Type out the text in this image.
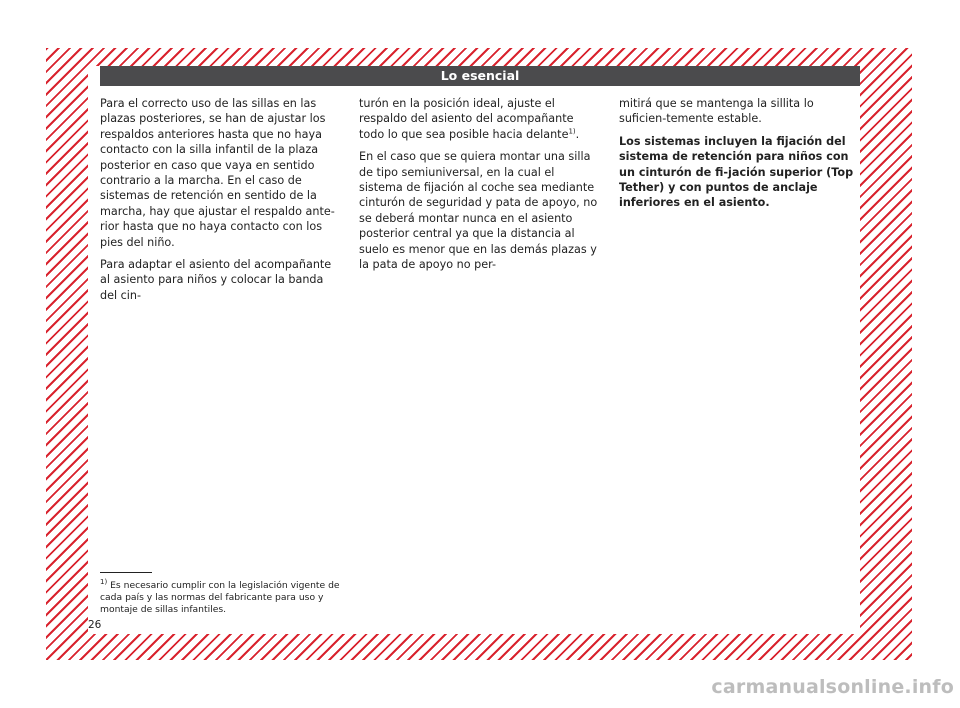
Lo esencial

Para el correcto uso de las sillas en las plazas posteriores, se han de ajustar los respaldos anteriores hasta que no haya contacto con la silla infantil de la plaza posterior en caso que vaya en sentido contrario a la marcha. En el caso de sistemas de retención en sentido de la marcha, hay que ajustar el respaldo ante-rior hasta que no haya contacto con los pies del niño.

Para adaptar el asiento del acompañante al asiento para niños y colocar la banda del cin-

turón en la posición ideal, ajuste el respaldo del asiento del acompañante todo lo que sea posible hacia delante$^{1)}$.

En el caso que se quiera montar una silla de tipo semiuniversal, en la cual el sistema de fijación al coche sea mediante cinturón de seguridad y pata de apoyo, no se deberá montar nunca en el asiento posterior central ya que la distancia al suelo es menor que en las demás plazas y la pata de apoyo no per-

mitirá que se mantenga la sillita lo suficien-temente estable.

Los sistemas incluyen la fijación del sistema de retención para niños con un cinturón de fi-jación superior (Top Tether) y con puntos de anclaje inferiores en el asiento.

$^{1)}$ Es necesario cumplir con la legislación vigente de cada país y las normas del fabricante para uso y montaje de sillas infantiles.
26
carmanualsonline.info
